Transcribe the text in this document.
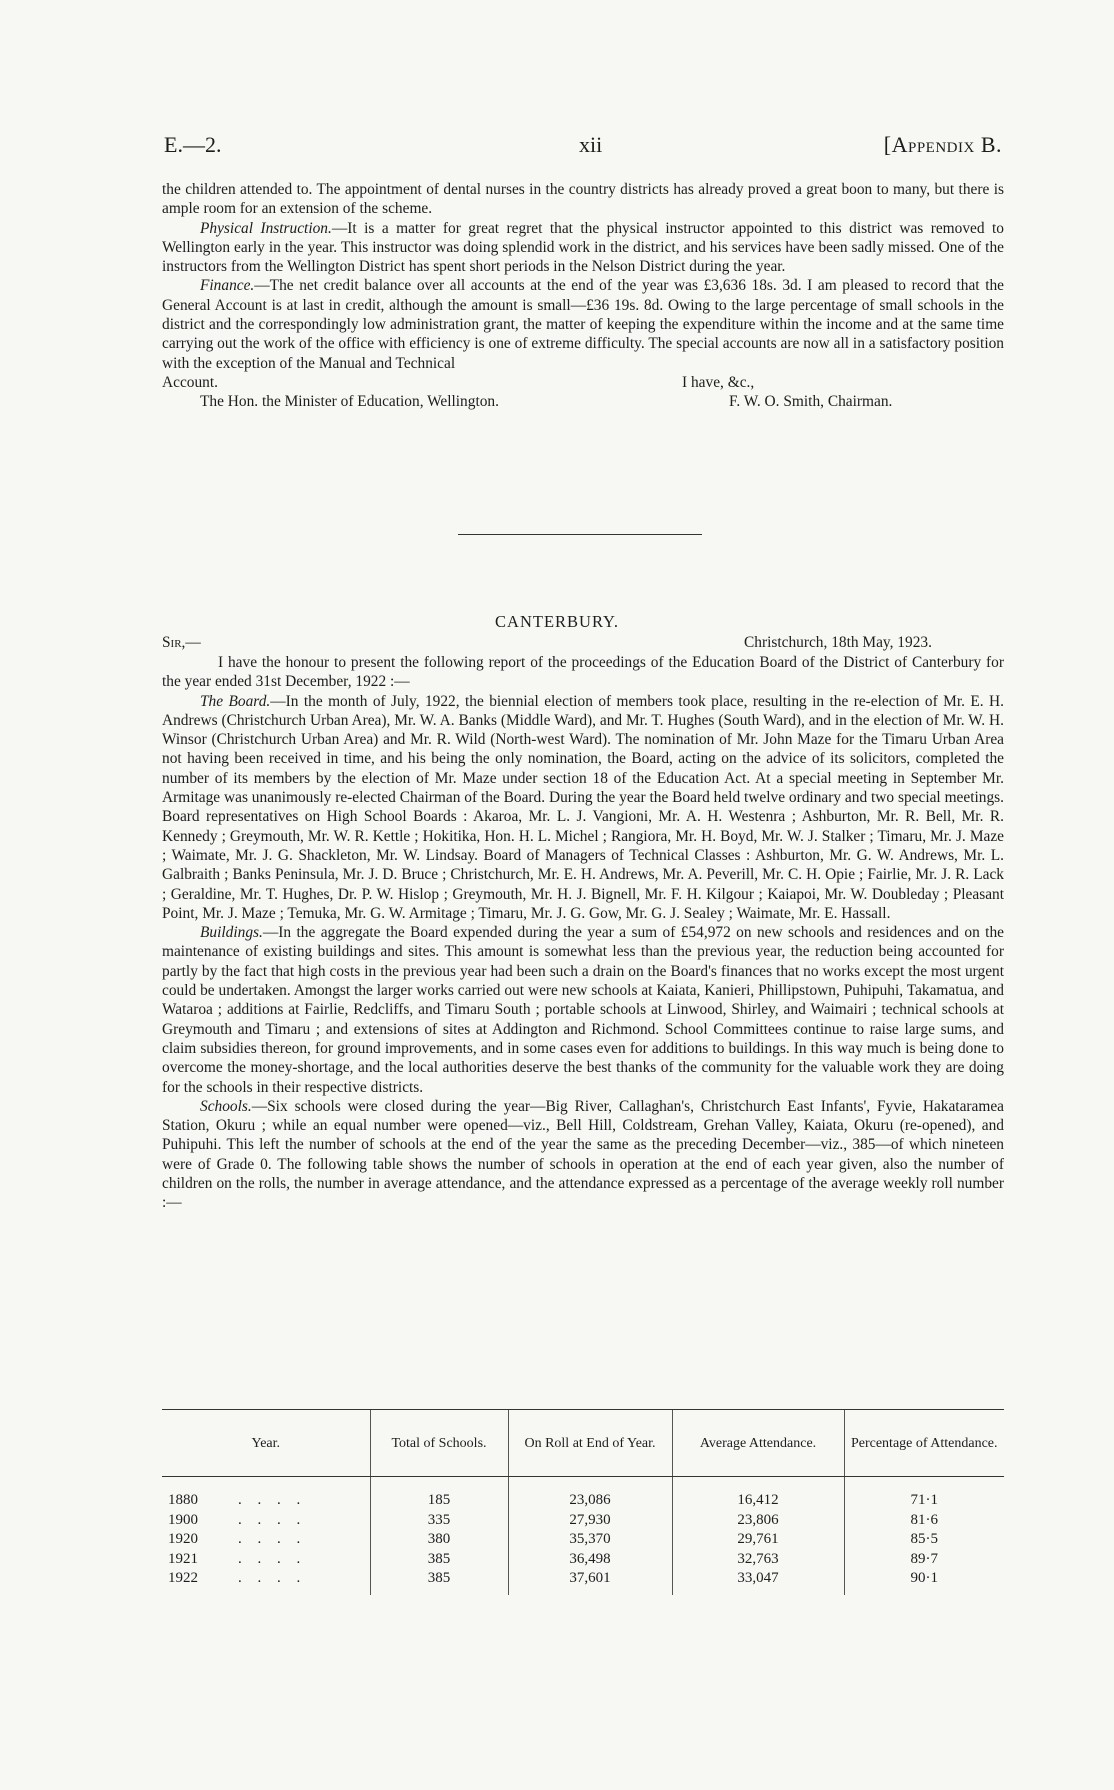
E.—2.	xii	[Appendix B.

the children attended to. The appointment of dental nurses in the country districts has already proved a great boon to many, but there is ample room for an extension of the scheme.

Physical Instruction.—It is a matter for great regret that the physical instructor appointed to this district was removed to Wellington early in the year. This instructor was doing splendid work in the district, and his services have been sadly missed. One of the instructors from the Wellington District has spent short periods in the Nelson District during the year.

Finance.—The net credit balance over all accounts at the end of the year was £3,636 18s. 3d. I am pleased to record that the General Account is at last in credit, although the amount is small—£36 19s. 8d. Owing to the large percentage of small schools in the district and the correspondingly low administration grant, the matter of keeping the expenditure within the income and at the same time carrying out the work of the office with efficiency is one of extreme difficulty. The special accounts are now all in a satisfactory position with the exception of the Manual and Technical

Account.	I have, &c.,
The Hon. the Minister of Education, Wellington.	F. W. O. Smith, Chairman.
CANTERBURY.
Sir,—	Christchurch, 18th May, 1923.

I have the honour to present the following report of the proceedings of the Education Board of the District of Canterbury for the year ended 31st December, 1922 :—

The Board.—In the month of July, 1922, the biennial election of members took place, resulting in the re-election of Mr. E. H. Andrews (Christchurch Urban Area), Mr. W. A. Banks (Middle Ward), and Mr. T. Hughes (South Ward), and in the election of Mr. W. H. Winsor (Christchurch Urban Area) and Mr. R. Wild (North-west Ward). The nomination of Mr. John Maze for the Timaru Urban Area not having been received in time, and his being the only nomination, the Board, acting on the advice of its solicitors, completed the number of its members by the election of Mr. Maze under section 18 of the Education Act. At a special meeting in September Mr. Armitage was unanimously re-elected Chairman of the Board. During the year the Board held twelve ordinary and two special meetings. Board representatives on High School Boards : Akaroa, Mr. L. J. Vangioni, Mr. A. H. Westenra ; Ashburton, Mr. R. Bell, Mr. R. Kennedy ; Greymouth, Mr. W. R. Kettle ; Hokitika, Hon. H. L. Michel ; Rangiora, Mr. H. Boyd, Mr. W. J. Stalker ; Timaru, Mr. J. Maze ; Waimate, Mr. J. G. Shackleton, Mr. W. Lindsay. Board of Managers of Technical Classes : Ashburton, Mr. G. W. Andrews, Mr. L. Galbraith ; Banks Peninsula, Mr. J. D. Bruce ; Christchurch, Mr. E. H. Andrews, Mr. A. Peverill, Mr. C. H. Opie ; Fairlie, Mr. J. R. Lack ; Geraldine, Mr. T. Hughes, Dr. P. W. Hislop ; Greymouth, Mr. H. J. Bignell, Mr. F. H. Kilgour ; Kaiapoi, Mr. W. Doubleday ; Pleasant Point, Mr. J. Maze ; Temuka, Mr. G. W. Armitage ; Timaru, Mr. J. G. Gow, Mr. G. J. Sealey ; Waimate, Mr. E. Hassall.

Buildings.—In the aggregate the Board expended during the year a sum of £54,972 on new schools and residences and on the maintenance of existing buildings and sites. This amount is somewhat less than the previous year, the reduction being accounted for partly by the fact that high costs in the previous year had been such a drain on the Board's finances that no works except the most urgent could be undertaken. Amongst the larger works carried out were new schools at Kaiata, Kanieri, Phillipstown, Puhipuhi, Takamatua, and Wataroa ; additions at Fairlie, Redcliffs, and Timaru South ; portable schools at Linwood, Shirley, and Waimairi ; technical schools at Greymouth and Timaru ; and extensions of sites at Addington and Richmond. School Committees continue to raise large sums, and claim subsidies thereon, for ground improvements, and in some cases even for additions to buildings. In this way much is being done to overcome the money-shortage, and the local authorities deserve the best thanks of the community for the valuable work they are doing for the schools in their respective districts.

Schools.—Six schools were closed during the year—Big River, Callaghan's, Christchurch East Infants', Fyvie, Hakataramea Station, Okuru ; while an equal number were opened—viz., Bell Hill, Coldstream, Grehan Valley, Kaiata, Okuru (re-opened), and Puhipuhi. This left the number of schools at the end of the year the same as the preceding December—viz., 385—of which nineteen were of Grade 0. The following table shows the number of schools in operation at the end of each year given, also the number of children on the rolls, the number in average attendance, and the attendance expressed as a percentage of the average weekly roll number :—

Year.	Total of Schools.	On Roll at End of Year.	Average Attendance.	Percentage of Attendance.

1880 . . . .	185	23,086	16,412	71·1
1900 . . . .	335	27,930	23,806	81·6
1920 . . . .	380	35,370	29,761	85·5
1921 . . . .	385	36,498	32,763	89·7
1922 . . . .	385	37,601	33,047	90·1
